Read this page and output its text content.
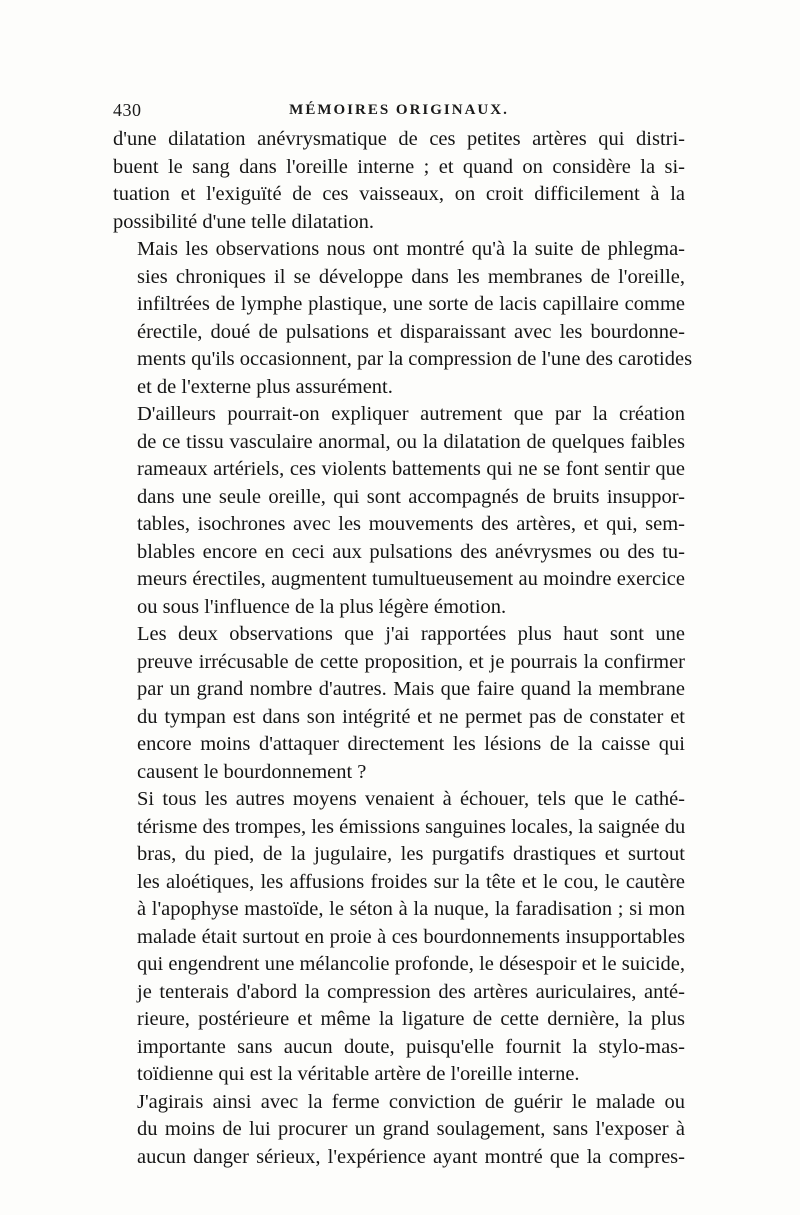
430	MÉMOIRES ORIGINAUX.

d'une dilatation anévrysmatique de ces petites artères qui distri-
buent le sang dans l'oreille interne ; et quand on considère la si-
tuation et l'exiguïté de ces vaisseaux, on croit difficilement à la
possibilité d'une telle dilatation.

Mais les observations nous ont montré qu'à la suite de phlegma-
sies chroniques il se développe dans les membranes de l'oreille,
infiltrées de lymphe plastique, une sorte de lacis capillaire comme
érectile, doué de pulsations et disparaissant avec les bourdonne-
ments qu'ils occasionnent, par la compression de l'une des carotides
et de l'externe plus assurément.

D'ailleurs pourrait-on expliquer autrement que par la création
de ce tissu vasculaire anormal, ou la dilatation de quelques faibles
rameaux artériels, ces violents battements qui ne se font sentir que
dans une seule oreille, qui sont accompagnés de bruits insuppor-
tables, isochrones avec les mouvements des artères, et qui, sem-
blables encore en ceci aux pulsations des anévrysmes ou des tu-
meurs érectiles, augmentent tumultueusement au moindre exercice
ou sous l'influence de la plus légère émotion.

Les deux observations que j'ai rapportées plus haut sont une
preuve irrécusable de cette proposition, et je pourrais la confirmer
par un grand nombre d'autres. Mais que faire quand la membrane
du tympan est dans son intégrité et ne permet pas de constater et
encore moins d'attaquer directement les lésions de la caisse qui
causent le bourdonnement ?

Si tous les autres moyens venaient à échouer, tels que le cathé-
térisme des trompes, les émissions sanguines locales, la saignée du
bras, du pied, de la jugulaire, les purgatifs drastiques et surtout
les aloétiques, les affusions froides sur la tête et le cou, le cautère
à l'apophyse mastoïde, le séton à la nuque, la faradisation ; si mon
malade était surtout en proie à ces bourdonnements insupportables
qui engendrent une mélancolie profonde, le désespoir et le suicide,
je tenterais d'abord la compression des artères auriculaires, anté-
rieure, postérieure et même la ligature de cette dernière, la plus
importante sans aucun doute, puisqu'elle fournit la stylo-mas-
toïdienne qui est la véritable artère de l'oreille interne.

J'agirais ainsi avec la ferme conviction de guérir le malade ou
du moins de lui procurer un grand soulagement, sans l'exposer à
aucun danger sérieux, l'expérience ayant montré que la compres-
